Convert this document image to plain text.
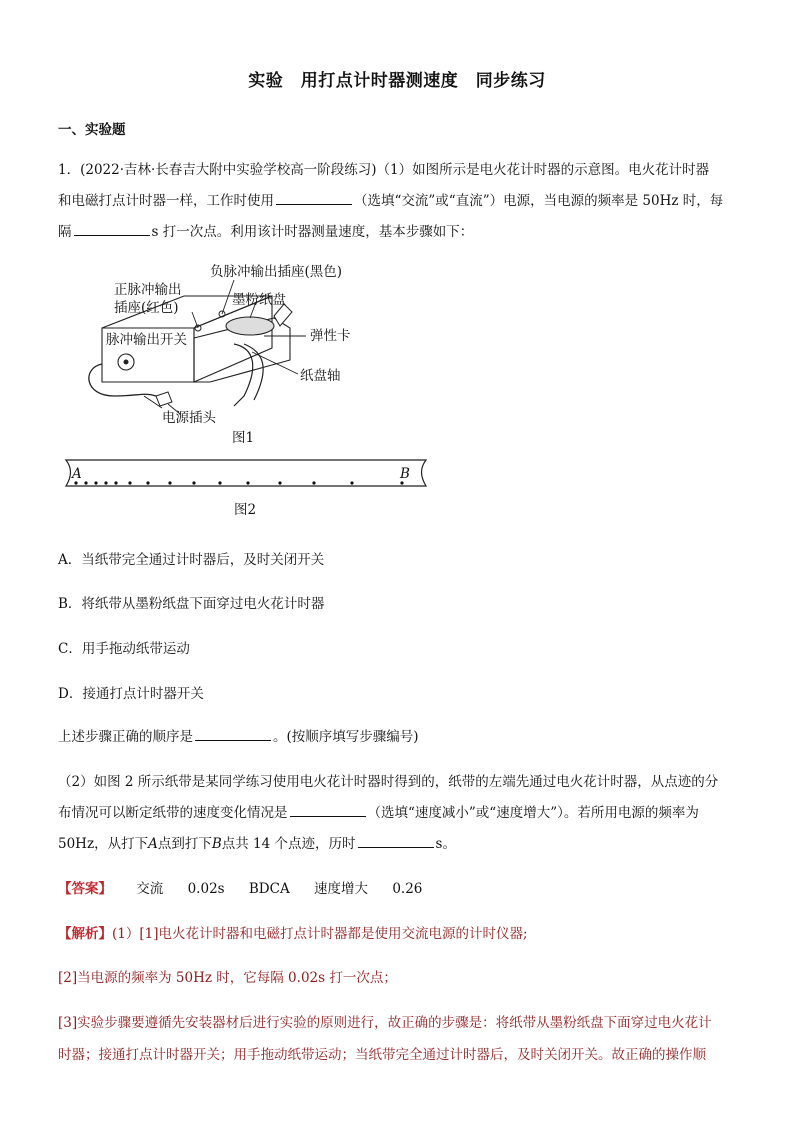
实验　用打点计时器测速度　同步练习
一、实验题
1．(2022·吉林·长春吉大附中实验学校高一阶段练习)（1）如图所示是电火花计时器的示意图。电火花计时器
和电磁打点计时器一样，工作时使用	（选填“交流”或“直流”）电源，当电源的频率是 50Hz 时，每
隔	s 打一次点。利用该计时器测量速度，基本步骤如下：
负脉冲输出插座(黑色)
正脉冲输出
插座(红色)	墨粉纸盘
脉冲输出开关	弹性卡
纸盘轴
电源插头
图1
A	B
图2
A．当纸带完全通过计时器后，及时关闭开关
B．将纸带从墨粉纸盘下面穿过电火花计时器
C．用手拖动纸带运动
D．接通打点计时器开关
上述步骤正确的顺序是	。(按顺序填写步骤编号)
（2）如图 2 所示纸带是某同学练习使用电火花计时器时得到的，纸带的左端先通过电火花计时器，从点迹的分
布情况可以断定纸带的速度变化情况是	（选填“速度减小”或“速度增大”）。若所用电源的频率为
50Hz，从打下A点到打下B点共 14 个点迹，历时	s。
【答案】 交流 0.02s BDCA 速度增大 0.26
【解析】(1）[1]电火花计时器和电磁打点计时器都是使用交流电源的计时仪器;
[2]当电源的频率为 50Hz 时，它每隔 0.02s 打一次点；
[3]实验步骤要遵循先安装器材后进行实验的原则进行，故正确的步骤是：将纸带从墨粉纸盘下面穿过电火花计
时器；接通打点计时器开关；用手拖动纸带运动；当纸带完全通过计时器后，及时关闭开关。故正确的操作顺
